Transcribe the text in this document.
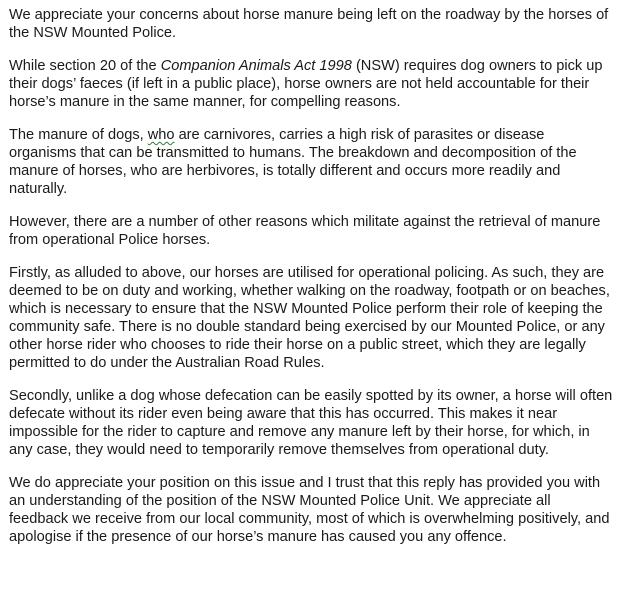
We appreciate your concerns about horse manure being left on the roadway by the horses of the NSW Mounted Police.

While section 20 of the Companion Animals Act 1998 (NSW) requires dog owners to pick up their dogs’ faeces (if left in a public place), horse owners are not held accountable for their horse’s manure in the same manner, for compelling reasons.

The manure of dogs, who are carnivores, carries a high risk of parasites or disease organisms that can be transmitted to humans. The breakdown and decomposition of the manure of horses, who are herbivores, is totally different and occurs more readily and naturally.

However, there are a number of other reasons which militate against the retrieval of manure from operational Police horses.

Firstly, as alluded to above, our horses are utilised for operational policing. As such, they are deemed to be on duty and working, whether walking on the roadway, footpath or on beaches, which is necessary to ensure that the NSW Mounted Police perform their role of keeping the community safe. There is no double standard being exercised by our Mounted Police, or any other horse rider who chooses to ride their horse on a public street, which they are legally permitted to do under the Australian Road Rules.

Secondly, unlike a dog whose defecation can be easily spotted by its owner, a horse will often defecate without its rider even being aware that this has occurred. This makes it near impossible for the rider to capture and remove any manure left by their horse, for which, in any case, they would need to temporarily remove themselves from operational duty.

We do appreciate your position on this issue and I trust that this reply has provided you with an understanding of the position of the NSW Mounted Police Unit. We appreciate all feedback we receive from our local community, most of which is overwhelming positively, and apologise if the presence of our horse’s manure has caused you any offence.
